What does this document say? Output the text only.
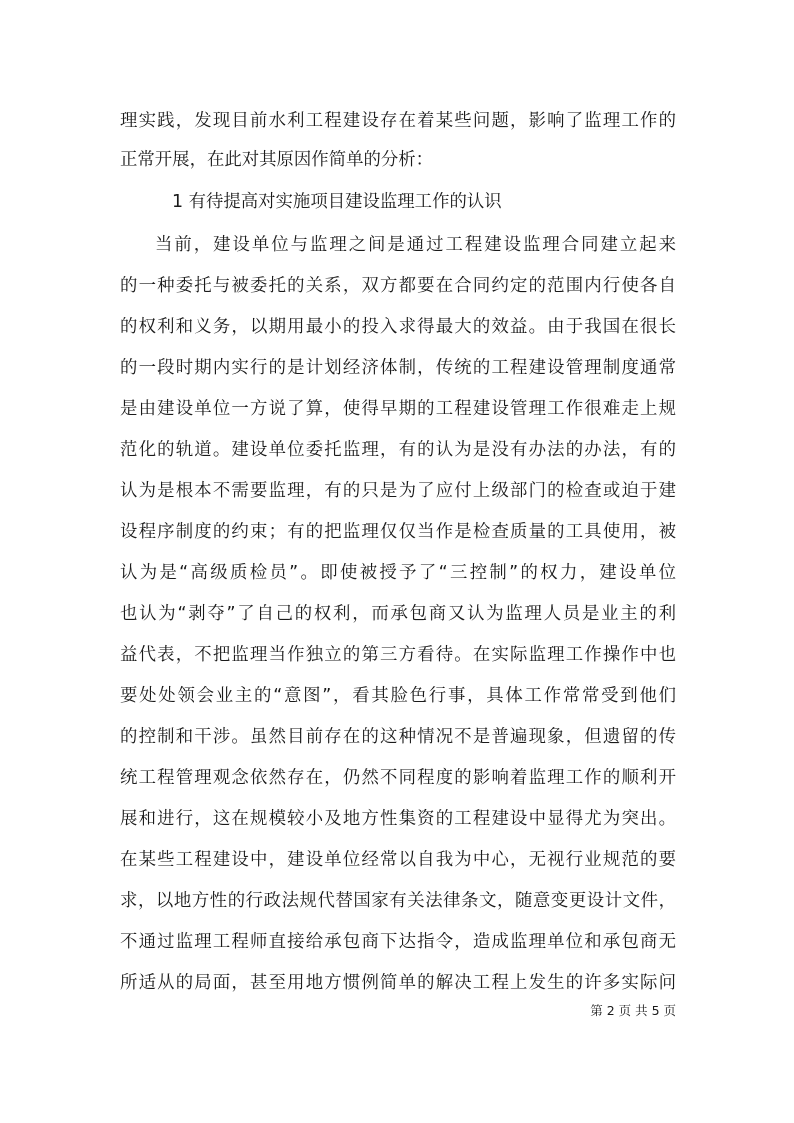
理实践，发现目前水利工程建设存在着某些问题，影响了监理工作的
正常开展，在此对其原因作简单的分析：
1 有待提高对实施项目建设监理工作的认识
当前，建设单位与监理之间是通过工程建设监理合同建立起来
的一种委托与被委托的关系，双方都要在合同约定的范围内行使各自
的权利和义务，以期用最小的投入求得最大的效益。由于我国在很长
的一段时期内实行的是计划经济体制，传统的工程建设管理制度通常
是由建设单位一方说了算，使得早期的工程建设管理工作很难走上规
范化的轨道。建设单位委托监理，有的认为是没有办法的办法，有的
认为是根本不需要监理，有的只是为了应付上级部门的检查或迫于建
设程序制度的约束；有的把监理仅仅当作是检查质量的工具使用，被
认为是“高级质检员”。即使被授予了“三控制”的权力，建设单位
也认为“剥夺”了自己的权利，而承包商又认为监理人员是业主的利
益代表，不把监理当作独立的第三方看待。在实际监理工作操作中也
要处处领会业主的“意图”，看其脸色行事，具体工作常常受到他们
的控制和干涉。虽然目前存在的这种情况不是普遍现象，但遗留的传
统工程管理观念依然存在，仍然不同程度的影响着监理工作的顺利开
展和进行，这在规模较小及地方性集资的工程建设中显得尤为突出。
在某些工程建设中，建设单位经常以自我为中心，无视行业规范的要
求，以地方性的行政法规代替国家有关法律条文，随意变更设计文件，
不通过监理工程师直接给承包商下达指令，造成监理单位和承包商无
所适从的局面，甚至用地方惯例简单的解决工程上发生的许多实际问
第 2 页 共 5 页
